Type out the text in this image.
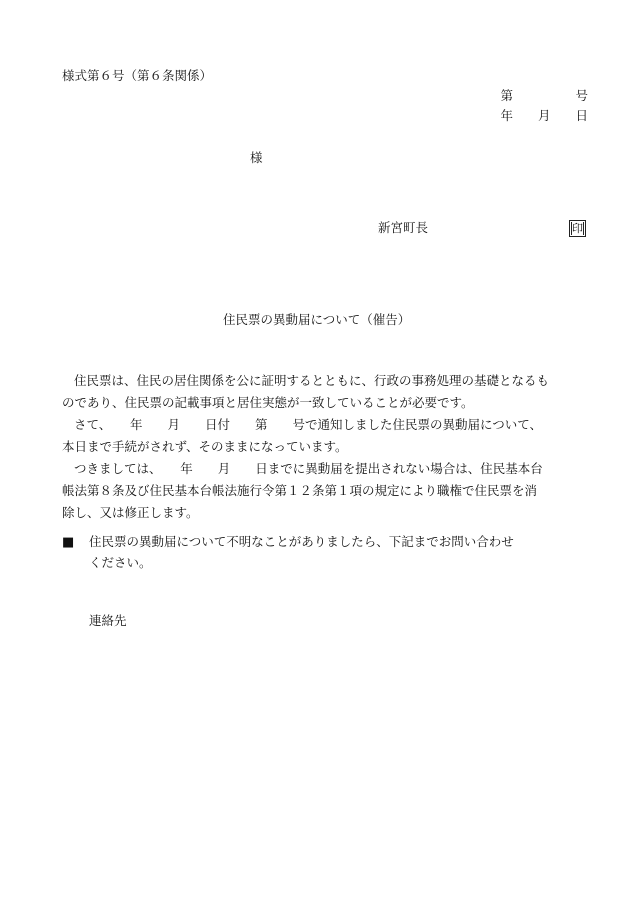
様式第６号（第６条関係）
第　　　　　号
年　　月　　日
様
新宮町長	印
住民票の異動届について（催告）
住民票は、住民の居住関係を公に証明するとともに、行政の事務処理の基礎となるも
のであり、住民票の記載事項と居住実態が一致していることが必要です。
さて、　　年　　月　　日付　　第　　号で通知しました住民票の異動届について、
本日まで手続がされず、そのままになっています。
つきましては、　　年　　月　　日までに異動届を提出されない場合は、住民基本台
帳法第８条及び住民基本台帳法施行令第１２条第１項の規定により職権で住民票を消
除し、又は修正します。
■ 住民票の異動届について不明なことがありましたら、下記までお問い合わせ
ください。
連絡先
